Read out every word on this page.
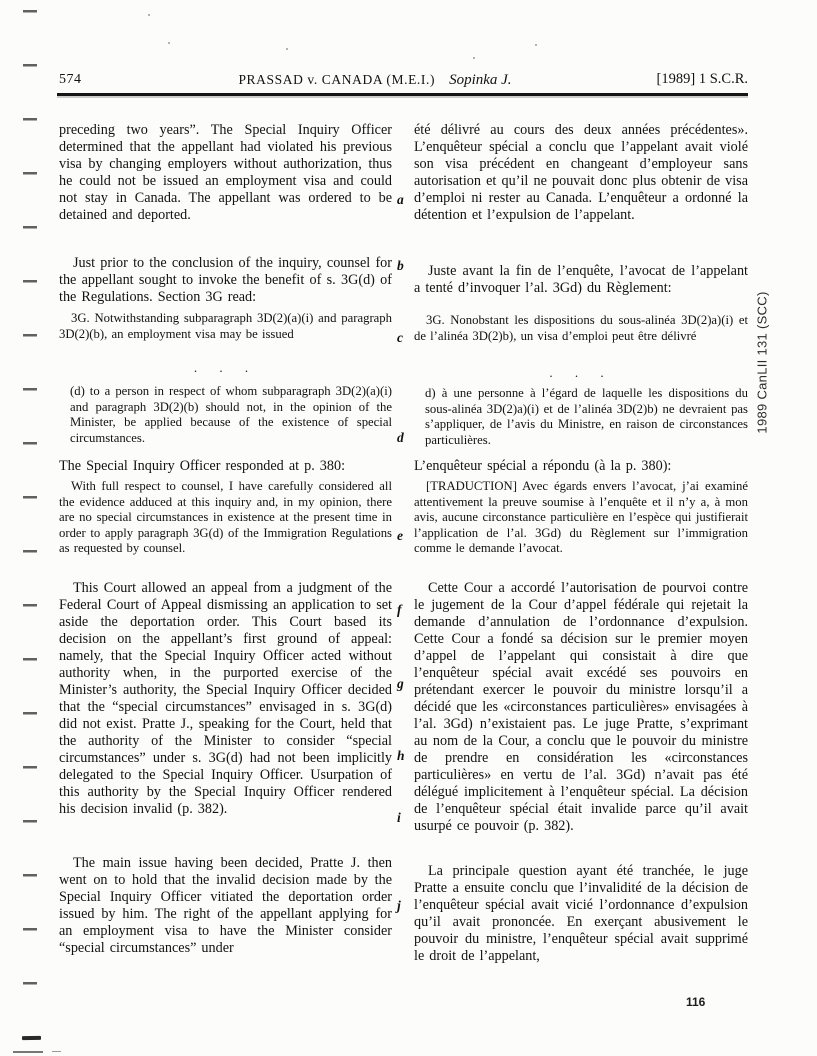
574	PRASSAD v. CANADA (M.E.I.) Sopinka J.	[1989] 1 S.C.R.
preceding two years”. The Special Inquiry Officer determined that the appellant had violated his previous visa by changing employers without authorization, thus he could not be issued an employment visa and could not stay in Canada. The appellant was ordered to be detained and deported.
Just prior to the conclusion of the inquiry, counsel for the appellant sought to invoke the benefit of s. 3G(d) of the Regulations. Section 3G read:
3G. Notwithstanding subparagraph 3D(2)(a)(i) and paragraph 3D(2)(b), an employment visa may be issued
. . .
(d) to a person in respect of whom subparagraph 3D(2)(a)(i) and paragraph 3D(2)(b) should not, in the opinion of the Minister, be applied because of the existence of special circumstances.
The Special Inquiry Officer responded at p. 380:
With full respect to counsel, I have carefully considered all the evidence adduced at this inquiry and, in my opinion, there are no special circumstances in existence at the present time in order to apply paragraph 3G(d) of the Immigration Regulations as requested by counsel.
This Court allowed an appeal from a judgment of the Federal Court of Appeal dismissing an application to set aside the deportation order. This Court based its decision on the appellant’s first ground of appeal: namely, that the Special Inquiry Officer acted without authority when, in the purported exercise of the Minister’s authority, the Special Inquiry Officer decided that the “special circumstances” envisaged in s. 3G(d) did not exist. Pratte J., speaking for the Court, held that the authority of the Minister to consider “special circumstances” under s. 3G(d) had not been implicitly delegated to the Special Inquiry Officer. Usurpation of this authority by the Special Inquiry Officer rendered his decision invalid (p. 382).
The main issue having been decided, Pratte J. then went on to hold that the invalid decision made by the Special Inquiry Officer vitiated the deportation order issued by him. The right of the appellant applying for an employment visa to have the Minister consider “special circumstances” under
a
b
c
d
e
f
g
h
i
j
été délivré au cours des deux années précédentes». L’enquêteur spécial a conclu que l’appelant avait violé son visa précédent en changeant d’employeur sans autorisation et qu’il ne pouvait donc plus obtenir de visa d’emploi ni rester au Canada. L’enquêteur a ordonné la détention et l’expulsion de l’appelant.
Juste avant la fin de l’enquête, l’avocat de l’appelant a tenté d’invoquer l’al. 3Gd) du Règlement:
3G. Nonobstant les dispositions du sous-alinéa 3D(2)a)(i) et de l’alinéa 3D(2)b), un visa d’emploi peut être délivré
. . .
d) à une personne à l’égard de laquelle les dispositions du sous-alinéa 3D(2)a)(i) et de l’alinéa 3D(2)b) ne devraient pas s’appliquer, de l’avis du Ministre, en raison de circonstances particulières.
L’enquêteur spécial a répondu (à la p. 380):
[TRADUCTION] Avec égards envers l’avocat, j’ai examiné attentivement la preuve soumise à l’enquête et il n’y a, à mon avis, aucune circonstance particulière en l’espèce qui justifierait l’application de l’al. 3Gd) du Règlement sur l’immigration comme le demande l’avocat.
Cette Cour a accordé l’autorisation de pourvoi contre le jugement de la Cour d’appel fédérale qui rejetait la demande d’annulation de l’ordonnance d’expulsion. Cette Cour a fondé sa décision sur le premier moyen d’appel de l’appelant qui consistait à dire que l’enquêteur spécial avait excédé ses pouvoirs en prétendant exercer le pouvoir du ministre lorsqu’il a décidé que les «circonstances particulières» envisagées à l’al. 3Gd) n’existaient pas. Le juge Pratte, s’exprimant au nom de la Cour, a conclu que le pouvoir du ministre de prendre en considération les «circonstances particulières» en vertu de l’al. 3Gd) n’avait pas été délégué implicitement à l’enquêteur spécial. La décision de l’enquêteur spécial était invalide parce qu’il avait usurpé ce pouvoir (p. 382).
La principale question ayant été tranchée, le juge Pratte a ensuite conclu que l’invalidité de la décision de l’enquêteur spécial avait vicié l’ordonnance d’expulsion qu’il avait prononcée. En exerçant abusivement le pouvoir du ministre, l’enquêteur spécial avait supprimé le droit de l’appelant,
1989 CanLII 131 (SCC)
116
